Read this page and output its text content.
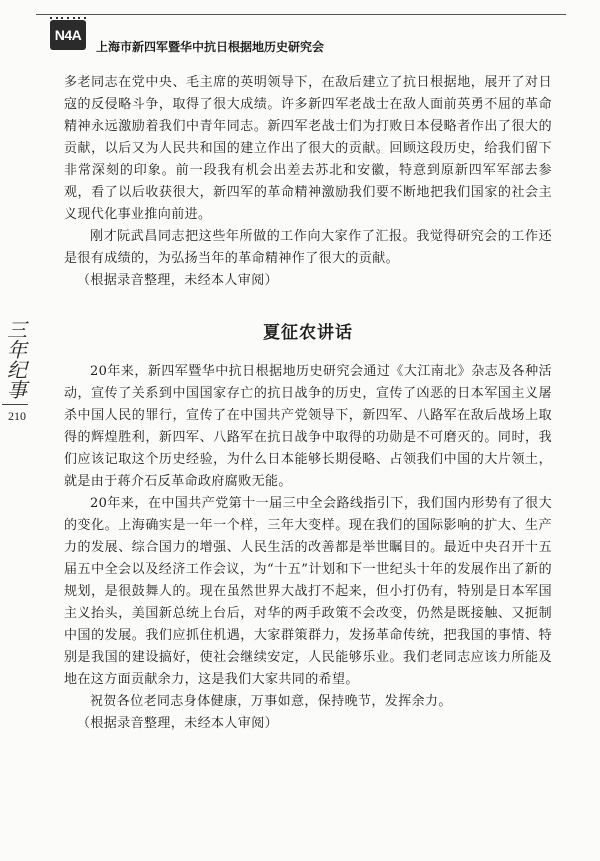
N4A
上海市新四军暨华中抗日根据地历史研究会
三
年
纪
事
210

多老同志在党中央、毛主席的英明领导下，在敌后建立了抗日根据地，展开了对日寇的反侵略斗争，取得了很大成绩。许多新四军老战士在敌人面前英勇不屈的革命精神永远激励着我们中青年同志。新四军老战士们为打败日本侵略者作出了很大的贡献，以后又为人民共和国的建立作出了很大的贡献。回顾这段历史，给我们留下非常深刻的印象。前一段我有机会出差去苏北和安徽，特意到原新四军军部去参观，看了以后收获很大，新四军的革命精神激励我们要不断地把我们国家的社会主义现代化事业推向前进。

刚才阮武昌同志把这些年所做的工作向大家作了汇报。我觉得研究会的工作还是很有成绩的，为弘扬当年的革命精神作了很大的贡献。

（根据录音整理，未经本人审阅）

夏征农讲话

20年来，新四军暨华中抗日根据地历史研究会通过《大江南北》杂志及各种活动，宣传了关系到中国国家存亡的抗日战争的历史，宣传了凶恶的日本军国主义屠杀中国人民的罪行，宣传了在中国共产党领导下，新四军、八路军在敌后战场上取得的辉煌胜利，新四军、八路军在抗日战争中取得的功勋是不可磨灭的。同时，我们应该记取这个历史经验，为什么日本能够长期侵略、占领我们中国的大片领土，就是由于蒋介石反革命政府腐败无能。

20年来，在中国共产党第十一届三中全会路线指引下，我们国内形势有了很大的变化。上海确实是一年一个样，三年大变样。现在我们的国际影响的扩大、生产力的发展、综合国力的增强、人民生活的改善都是举世瞩目的。最近中央召开十五届五中全会以及经济工作会议，为“十五”计划和下一世纪头十年的发展作出了新的规划，是很鼓舞人的。现在虽然世界大战打不起来，但小打仍有，特别是日本军国主义抬头，美国新总统上台后，对华的两手政策不会改变，仍然是既接触、又扼制中国的发展。我们应抓住机遇，大家群策群力，发扬革命传统，把我国的事情、特别是我国的建设搞好，使社会继续安定，人民能够乐业。我们老同志应该力所能及地在这方面贡献余力，这是我们大家共同的希望。

祝贺各位老同志身体健康，万事如意，保持晚节，发挥余力。

（根据录音整理，未经本人审阅）
